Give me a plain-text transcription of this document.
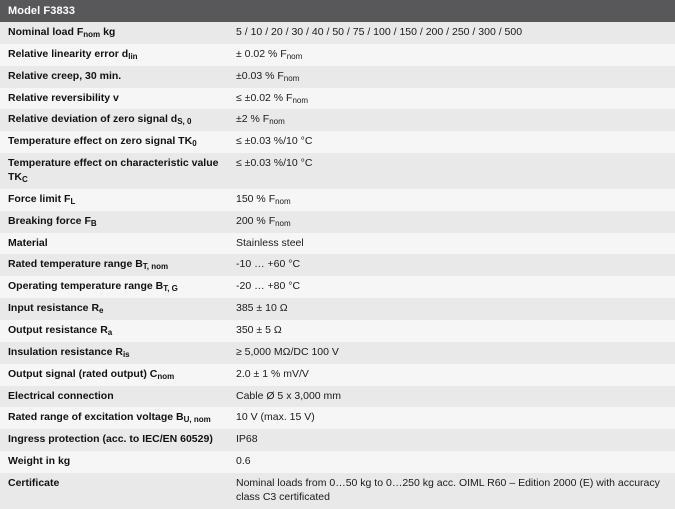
Model F3833	

Nominal load $F_{nom}$ kg	5 / 10 / 20 / 30 / 40 / 50 / 75 / 100 / 150 / 200 / 250 / 300 / 500

Relative linearity error $d_{lin}$	± 0.02 % $F_{nom}$

Relative creep, 30 min.	±0.03 % $F_{nom}$

Relative reversibility v	≤ ±0.02 % $F_{nom}$

Relative deviation of zero signal $d_{S, 0}$	±2 % $F_{nom}$

Temperature effect on zero signal $TK_0$	≤ ±0.03 %/10 °C

Temperature effect on characteristic value $TK_C$	≤ ±0.03 %/10 °C

Force limit $F_L$	150 % $F_{nom}$

Breaking force $F_B$	200 % $F_{nom}$

Material	Stainless steel

Rated temperature range $B_{T, nom}$	-10 … +60 °C

Operating temperature range $B_{T, G}$	-20 … +80 °C

Input resistance $R_e$	385 ± 10 Ω

Output resistance $R_a$	350 ± 5 Ω

Insulation resistance $R_{is}$	≥ 5,000 MΩ/DC 100 V

Output signal (rated output) $C_{nom}$	2.0 ± 1 % mV/V

Electrical connection	Cable Ø 5 x 3,000 mm

Rated range of excitation voltage $B_{U, nom}$	10 V (max. 15 V)

Ingress protection (acc. to IEC/EN 60529)	IP68

Weight in kg	0.6

Certificate	Nominal loads from 0…50 kg to 0…250 kg acc. OIML R60 – Edition 2000 (E) with accuracy class C3 certificated
